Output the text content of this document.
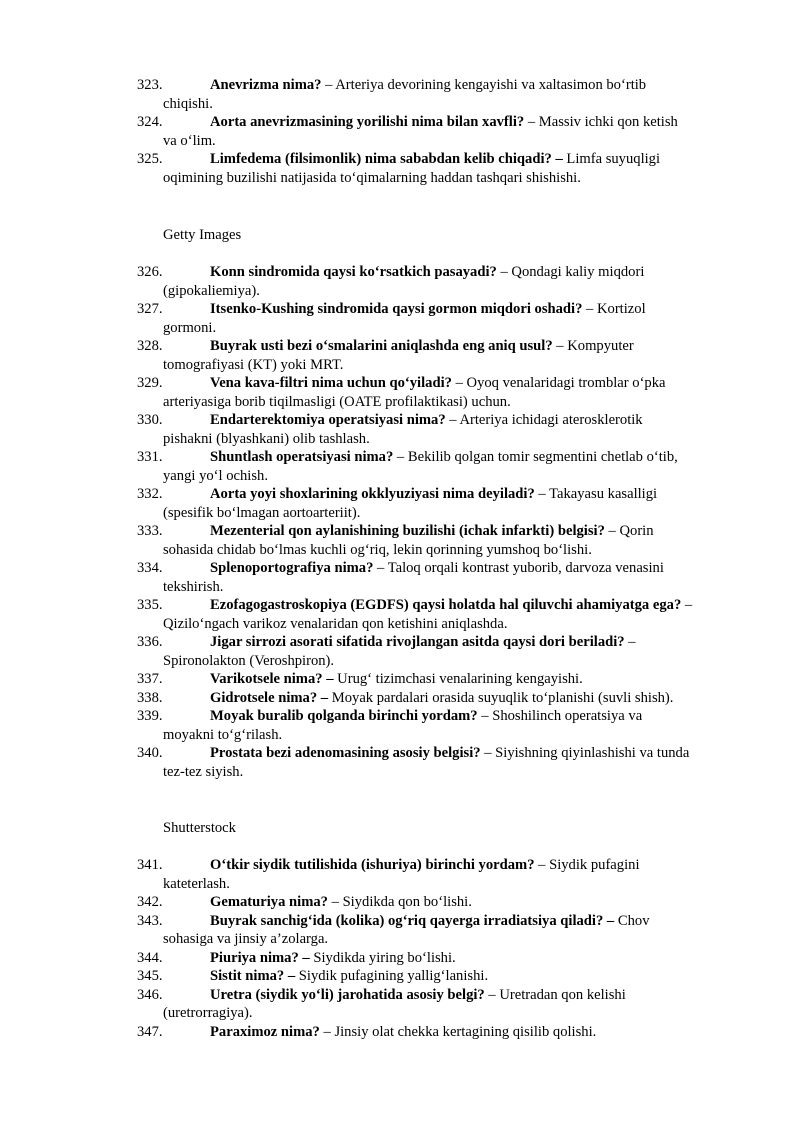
323.	Anevrizma nima? – Arteriya devorining kengayishi va xaltasimon bo‘rtib
chiqishi.
324.	Aorta anevrizmasining yorilishi nima bilan xavfli? – Massiv ichki qon ketish
va o‘lim.
325.	Limfedema (filsimonlik) nima sababdan kelib chiqadi? – Limfa suyuqligi
oqimining buzilishi natijasida to‘qimalarning haddan tashqari shishishi.
Getty Images
326.	Konn sindromida qaysi ko‘rsatkich pasayadi? – Qondagi kaliy miqdori
(gipokaliemiya).
327.	Itsenko-Kushing sindromida qaysi gormon miqdori oshadi? – Kortizol
gormoni.
328.	Buyrak usti bezi o‘smalarini aniqlashda eng aniq usul? – Kompyuter
tomografiyasi (KT) yoki MRT.
329.	Vena kava-filtri nima uchun qo‘yiladi? – Oyoq venalaridagi tromblar o‘pka
arteriyasiga borib tiqilmasligi (OATE profilaktikasi) uchun.
330.	Endarterektomiya operatsiyasi nima? – Arteriya ichidagi aterosklerotik
pishakni (blyashkani) olib tashlash.
331.	Shuntlash operatsiyasi nima? – Bekilib qolgan tomir segmentini chetlab o‘tib,
yangi yo‘l ochish.
332.	Aorta yoyi shoxlarining okklyuziyasi nima deyiladi? – Takayasu kasalligi
(spesifik bo‘lmagan aortoarteriit).
333.	Mezenterial qon aylanishining buzilishi (ichak infarkti) belgisi? – Qorin
sohasida chidab bo‘lmas kuchli og‘riq, lekin qorinning yumshoq bo‘lishi.
334.	Splenoportografiya nima? – Taloq orqali kontrast yuborib, darvoza venasini
tekshirish.
335.	Ezofagogastroskopiya (EGDFS) qaysi holatda hal qiluvchi ahamiyatga ega? –
Qizilo‘ngach varikoz venalaridan qon ketishini aniqlashda.
336.	Jigar sirrozi asorati sifatida rivojlangan asitda qaysi dori beriladi? –
Spironolakton (Veroshpiron).
337.	Varikotsele nima? – Urug‘ tizimchasi venalarining kengayishi.
338.	Gidrotsele nima? – Moyak pardalari orasida suyuqlik to‘planishi (suvli shish).
339.	Moyak buralib qolganda birinchi yordam? – Shoshilinch operatsiya va
moyakni to‘g‘rilash.
340.	Prostata bezi adenomasining asosiy belgisi? – Siyishning qiyinlashishi va tunda
tez-tez siyish.
Shutterstock
341.	O‘tkir siydik tutilishida (ishuriya) birinchi yordam? – Siydik pufagini
kateterlash.
342.	Gematuriya nima? – Siydikda qon bo‘lishi.
343.	Buyrak sanchig‘ida (kolika) og‘riq qayerga irradiatsiya qiladi? – Chov
sohasiga va jinsiy a’zolarga.
344.	Piuriya nima? – Siydikda yiring bo‘lishi.
345.	Sistit nima? – Siydik pufagining yallig‘lanishi.
346.	Uretra (siydik yo‘li) jarohatida asosiy belgi? – Uretradan qon kelishi
(uretrorragiya).
347.	Paraximoz nima? – Jinsiy olat chekka kertagining qisilib qolishi.
